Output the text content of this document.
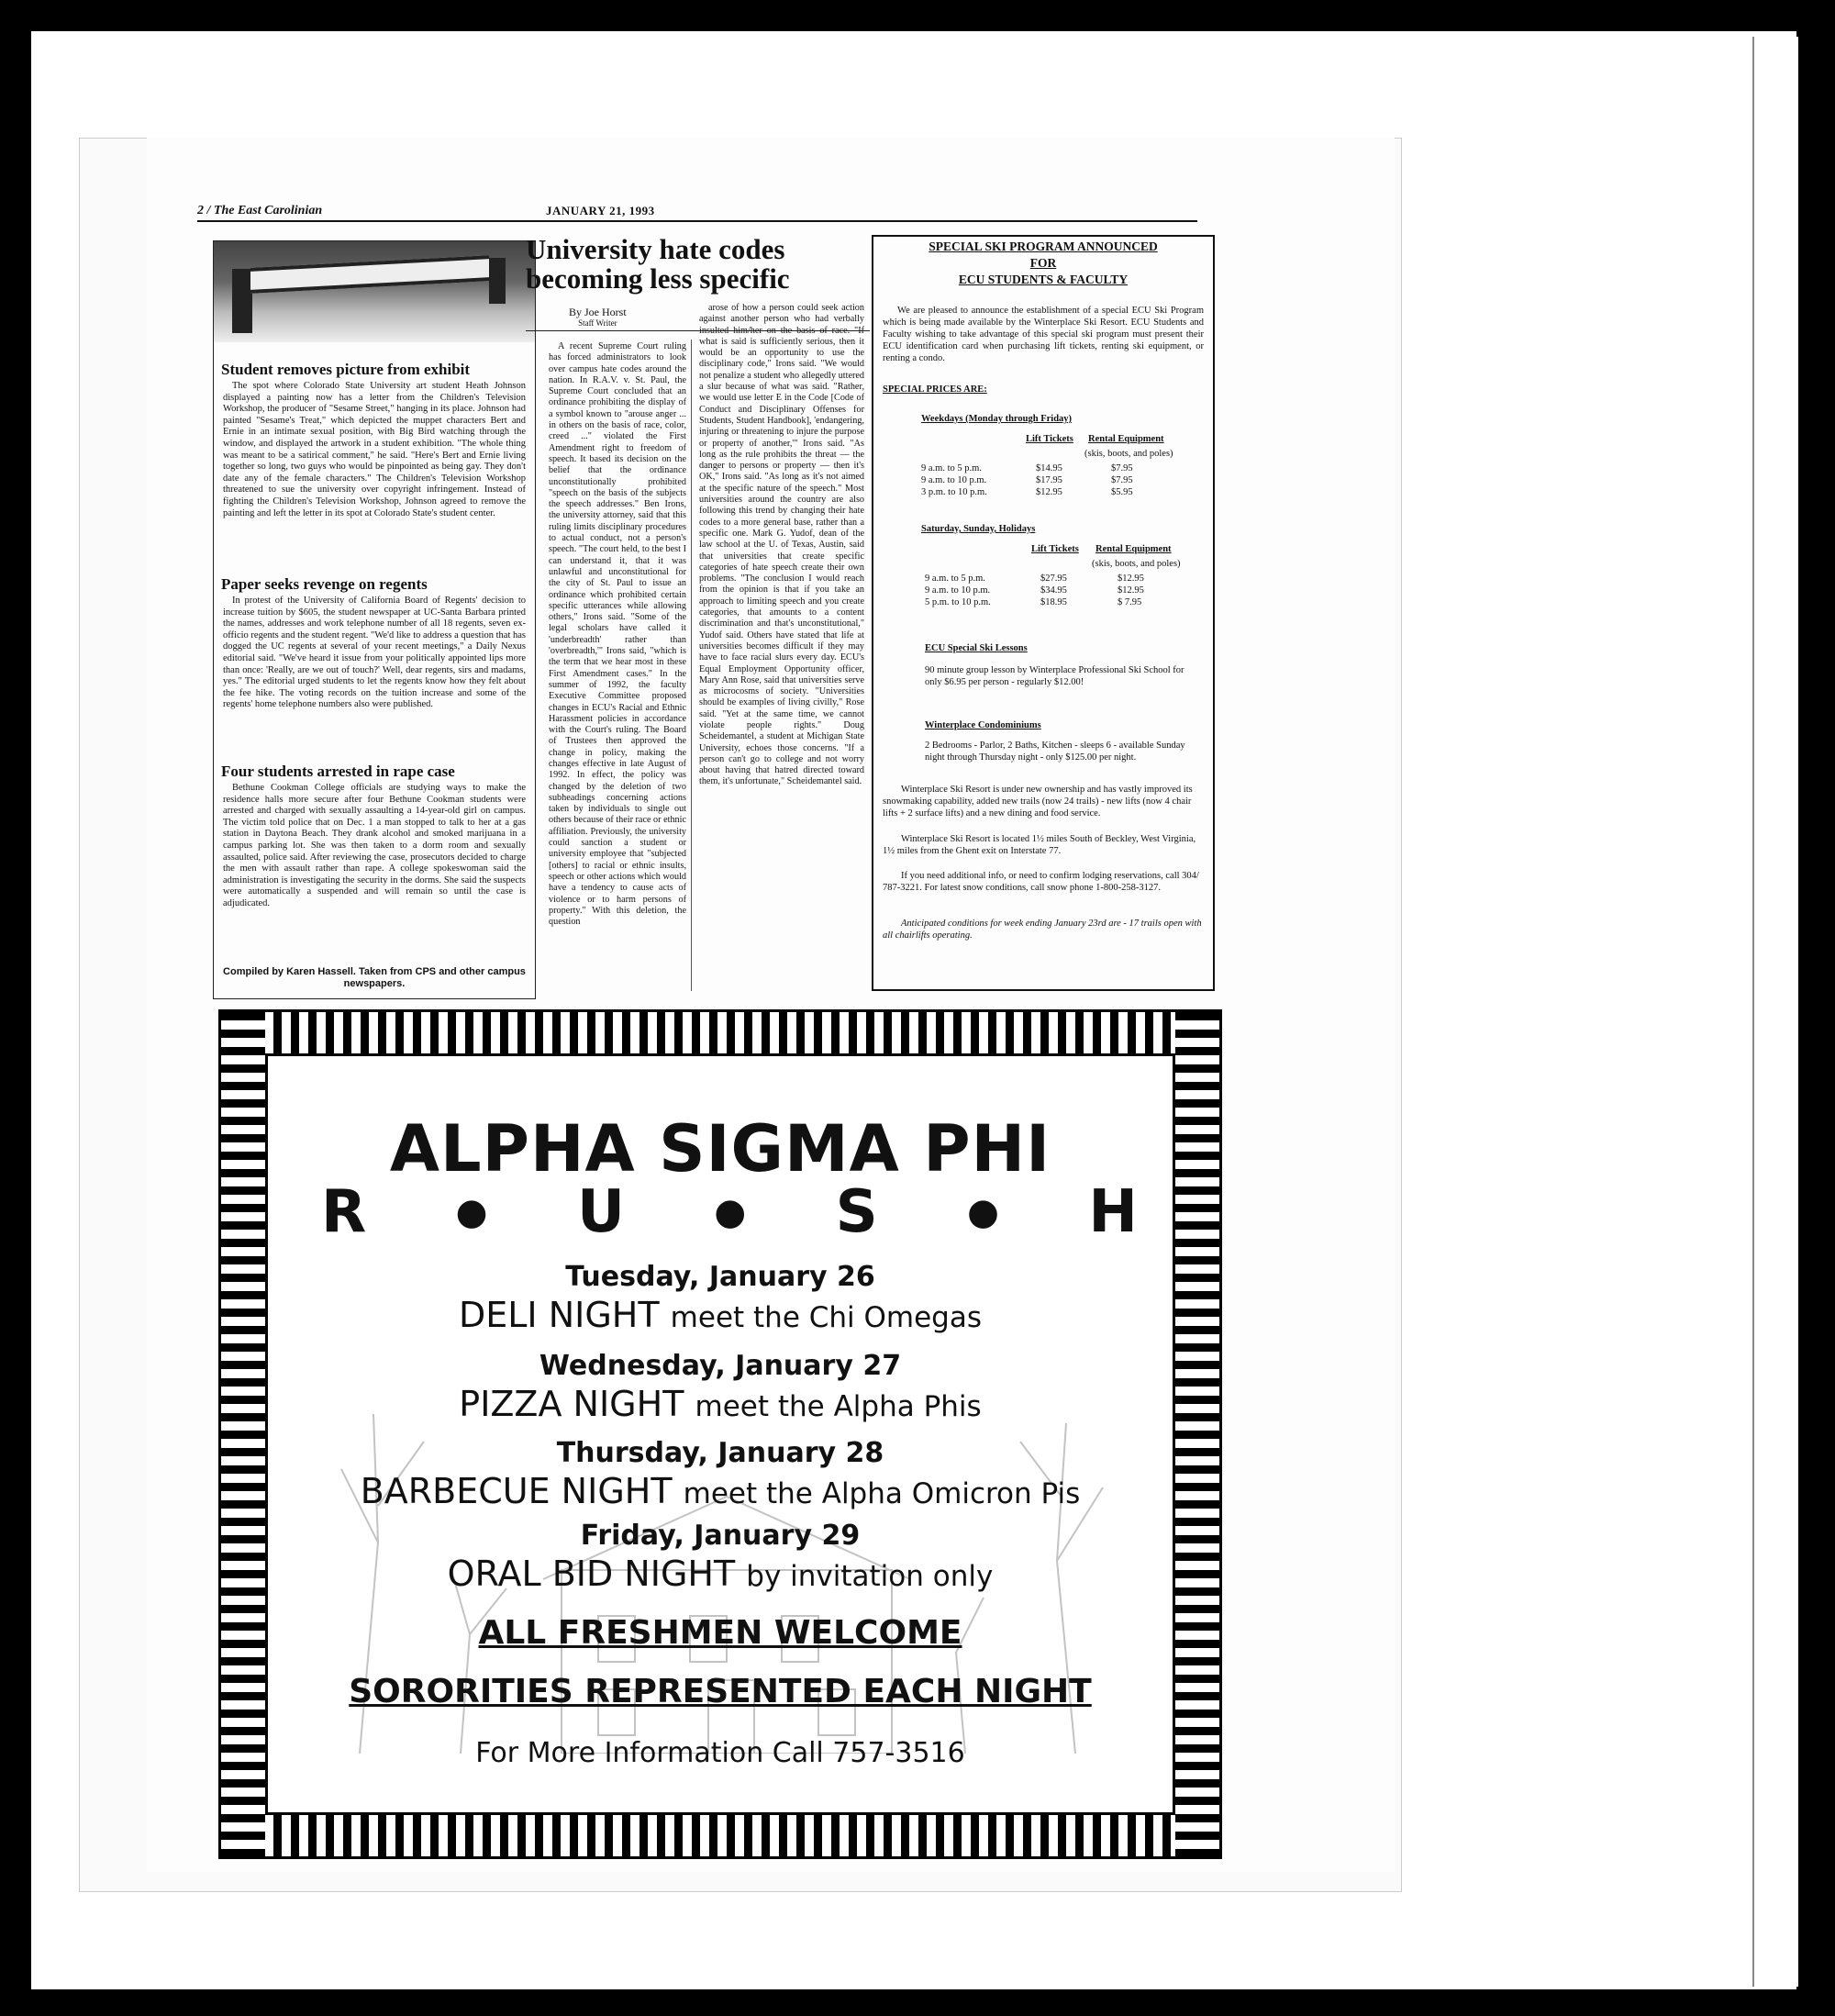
2 / The East Carolinian	JANUARY 21, 1993
Student removes picture from exhibit

The spot where Colorado State University art student Heath Johnson displayed a painting now has a letter from the Children's Television Workshop, the producer of "Sesame Street," hanging in its place. Johnson had painted "Sesame's Treat," which depicted the muppet characters Bert and Ernie in an intimate sexual position, with Big Bird watching through the window, and displayed the artwork in a student exhibition. "The whole thing was meant to be a satirical comment," he said. "Here's Bert and Ernie living together so long, two guys who would be pinpointed as being gay. They don't date any of the female characters." The Children's Television Workshop threatened to sue the university over copyright infringement. Instead of fighting the Children's Television Workshop, Johnson agreed to remove the painting and left the letter in its spot at Colorado State's student center.

Paper seeks revenge on regents

In protest of the University of California Board of Regents' decision to increase tuition by $605, the student newspaper at UC-Santa Barbara printed the names, addresses and work telephone number of all 18 regents, seven ex-officio regents and the student regent. "We'd like to address a question that has dogged the UC regents at several of your recent meetings," a Daily Nexus editorial said. "We've heard it issue from your politically appointed lips more than once: 'Really, are we out of touch?' Well, dear regents, sirs and madams, yes." The editorial urged students to let the regents know how they felt about the fee hike. The voting records on the tuition increase and some of the regents' home telephone numbers also were published.

Four students arrested in rape case

Bethune Cookman College officials are studying ways to make the residence halls more secure after four Bethune Cookman students were arrested and charged with sexually assaulting a 14-year-old girl on campus. The victim told police that on Dec. 1 a man stopped to talk to her at a gas station in Daytona Beach. They drank alcohol and smoked marijuana in a campus parking lot. She was then taken to a dorm room and sexually assaulted, police said. After reviewing the case, prosecutors decided to charge the men with assault rather than rape. A college spokeswoman said the administration is investigating the security in the dorms. She said the suspects were automatically a suspended and will remain so until the case is adjudicated.

Compiled by Karen Hassell. Taken from CPS and other campus newspapers.
University hate codes becoming less specific
By Joe Horst
Staff Writer

A recent Supreme Court ruling has forced administrators to look over campus hate codes around the nation. In R.A.V. v. St. Paul, the Supreme Court concluded that an ordinance prohibiting the display of a symbol known to "arouse anger ... in others on the basis of race, color, creed ..." violated the First Amendment right to freedom of speech. It based its decision on the belief that the ordinance unconstitutionally prohibited "speech on the basis of the subjects the speech addresses." Ben Irons, the university attorney, said that this ruling limits disciplinary procedures to actual conduct, not a person's speech. "The court held, to the best I can understand it, that it was unlawful and unconstitutional for the city of St. Paul to issue an ordinance which prohibited certain specific utterances while allowing others," Irons said. "Some of the legal scholars have called it 'underbreadth' rather than 'overbreadth,'" Irons said, "which is the term that we hear most in these First Amendment cases." In the summer of 1992, the faculty Executive Committee proposed changes in ECU's Racial and Ethnic Harassment policies in accordance with the Court's ruling. The Board of Trustees then approved the change in policy, making the changes effective in late August of 1992. In effect, the policy was changed by the deletion of two subheadings concerning actions taken by individuals to single out others because of their race or ethnic affiliation. Previously, the university could sanction a student or university employee that "subjected [others] to racial or ethnic insults, speech or other actions which would have a tendency to cause acts of violence or to harm persons of property." With this deletion, the question

arose of how a person could seek action against another person who had verbally insulted him/her on the basis of race. "If what is said is sufficiently serious, then it would be an opportunity to use the disciplinary code," Irons said. "We would not penalize a student who allegedly uttered a slur because of what was said. "Rather, we would use letter E in the Code [Code of Conduct and Disciplinary Offenses for Students, Student Handbook], 'endangering, injuring or threatening to injure the purpose or property of another,'" Irons said. "As long as the rule prohibits the threat — the danger to persons or property — then it's OK," Irons said. "As long as it's not aimed at the specific nature of the speech." Most universities around the country are also following this trend by changing their hate codes to a more general base, rather than a specific one. Mark G. Yudof, dean of the law school at the U. of Texas, Austin, said that universities that create specific categories of hate speech create their own problems. "The conclusion I would reach from the opinion is that if you take an approach to limiting speech and you create categories, that amounts to a content discrimination and that's unconstitutional," Yudof said. Others have stated that life at universities becomes difficult if they may have to face racial slurs every day. ECU's Equal Employment Opportunity officer, Mary Ann Rose, said that universities serve as microcosms of society. "Universities should be examples of living civilly," Rose said. "Yet at the same time, we cannot violate people rights." Doug Scheidemantel, a student at Michigan State University, echoes those concerns. "If a person can't go to college and not worry about having that hatred directed toward them, it's unfortunate," Scheidemantel said.

SPECIAL SKI PROGRAM ANNOUNCED
FOR
ECU STUDENTS & FACULTY
We are pleased to announce the establishment of a special ECU Ski Program which is being made available by the Winterplace Ski Resort. ECU Students and Faculty wishing to take advantage of this special ski program must present their ECU identification card when purchasing lift tickets, renting ski equipment, or renting a condo.
SPECIAL PRICES ARE:
Weekdays (Monday through Friday)
Lift Tickets Rental Equipment
(skis, boots, and poles)
9 a.m. to 5 p.m.	$14.95	$7.95
9 a.m. to 10 p.m.	$17.95	$7.95
3 p.m. to 10 p.m.	$12.95	$5.95
Saturday, Sunday, Holidays
Lift Tickets Rental Equipment
(skis, boots, and poles)
9 a.m. to 5 p.m.	$27.95	$12.95
9 a.m. to 10 p.m.	$34.95	$12.95
5 p.m. to 10 p.m.	$18.95	$ 7.95
ECU Special Ski Lessons
90 minute group lesson by Winterplace Professional Ski School for only $6.95 per person - regularly $12.00!
Winterplace Condominiums
2 Bedrooms - Parlor, 2 Baths, Kitchen - sleeps 6 - available Sunday night through Thursday night - only $125.00 per night.
Winterplace Ski Resort is under new ownership and has vastly improved its snowmaking capability, added new trails (now 24 trails) - new lifts (now 4 chair lifts + 2 surface lifts) and a new dining and food service.
Winterplace Ski Resort is located 1½ miles South of Beckley, West Virginia, 1½ miles from the Ghent exit on Interstate 77.
If you need additional info, or need to confirm lodging reservations, call 304/ 787-3221. For latest snow conditions, call snow phone 1-800-258-3127.
Anticipated conditions for week ending January 23rd are - 17 trails open with all chairlifts operating.
ALPHA SIGMA PHI
R ● U ● S ● H
Tuesday, January 26
DELI NIGHT meet the Chi Omegas
Wednesday, January 27
PIZZA NIGHT meet the Alpha Phis
Thursday, January 28
BARBECUE NIGHT meet the Alpha Omicron Pis
Friday, January 29
ORAL BID NIGHT by invitation only
ALL FRESHMEN WELCOME
SORORITIES REPRESENTED EACH NIGHT
For More Information Call 757-3516
